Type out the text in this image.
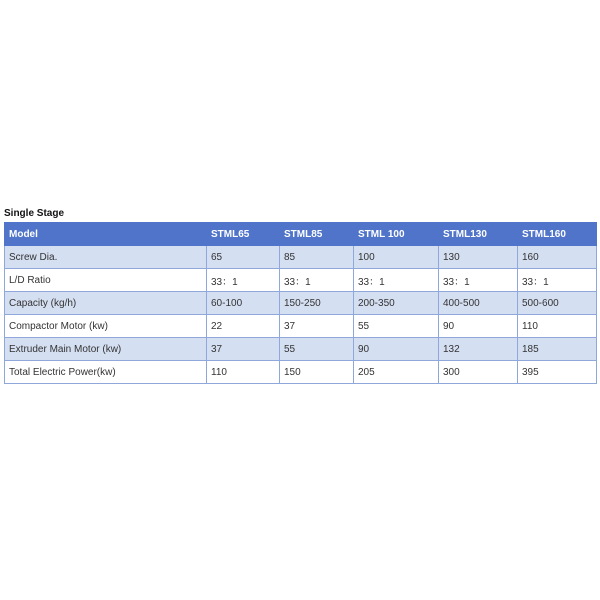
Single Stage
Model	STML65	STML85	STML 100	STML130	STML160
Screw Dia.	65	85	100	130	160
L/D Ratio	33：1	33：1	33：1	33：1	33：1
Capacity (kg/h)	60-100	150-250	200-350	400-500	500-600
Compactor Motor (kw)	22	37	55	90	110
Extruder Main Motor (kw)	37	55	90	132	185
Total Electric Power(kw)	110	150	205	300	395
